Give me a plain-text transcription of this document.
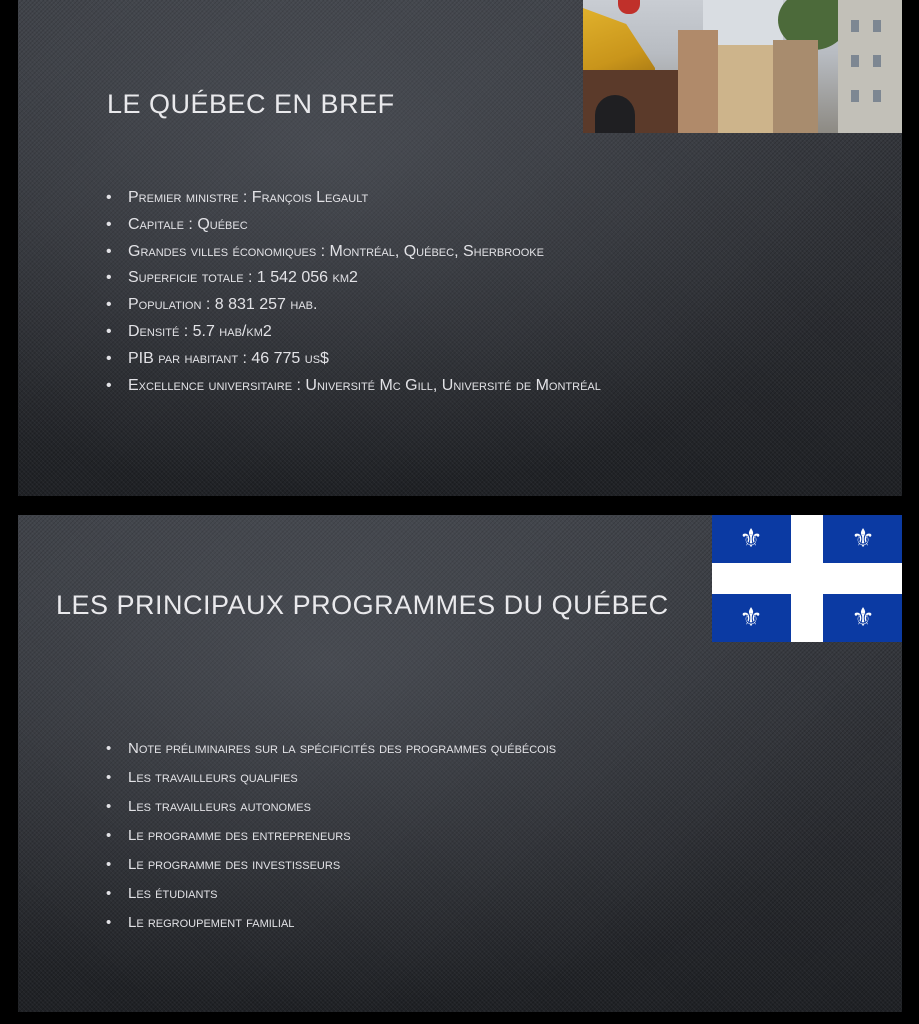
LE QUÉBEC EN BREF
• Premier ministre : François Legault
• Capitale : Québec
• Grandes villes économiques : Montréal, Québec, Sherbrooke
• Superficie totale : 1 542 056 km2
• Population : 8 831 257 hab.
• Densité : 5.7 hab/km2
• PIB par habitant : 46 775 us$
• Excellence universitaire : Université Mc Gill, Université de Montréal
LES PRINCIPAUX PROGRAMMES DU QUÉBEC
⚜	⚜
⚜	⚜
• Note préliminaires sur la spécificités des programmes québécois
• Les travailleurs qualifies
• Les travailleurs autonomes
• Le programme des entrepreneurs
• Le programme des investisseurs
• Les étudiants
• Le regroupement familial
